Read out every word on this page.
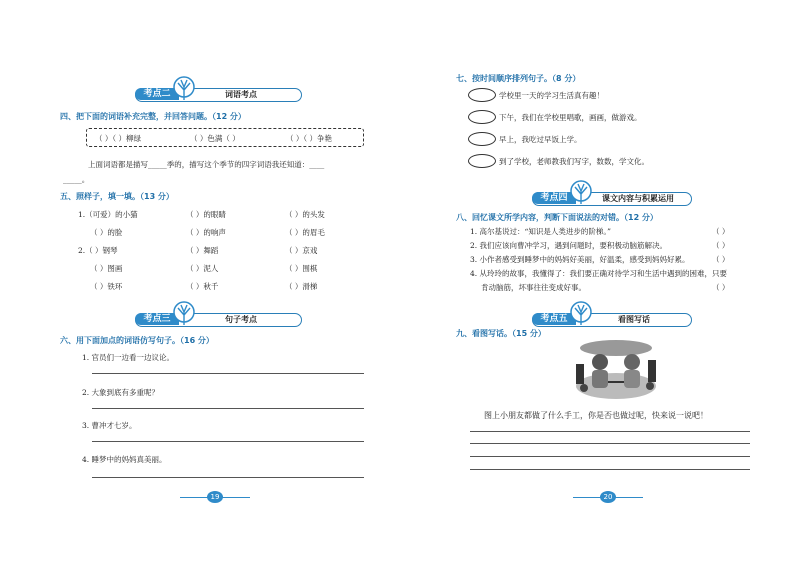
考点二	词语考点
四、把下面的词语补充完整，并回答问题。（12 分）
（ ）（ ）柳绿	（ ）色满（ ）	（ ）（ ）争艳
上面词语都是描写_____季的，描写这个季节的四字词语我还知道：____
_____。
五、照样子，填一填。（13 分）
1.（可爱）的小猫	（ ）的眼睛	（ ）的头发
（ ）的脸	（ ）的响声	（ ）的眉毛
2.（ ）钢琴	（ ）舞蹈	（ ）京戏
（ ）图画	（ ）泥人	（ ）围棋
（ ）铁环	（ ）秋千	（ ）滑梯
考点三	句子考点
六、用下面加点的词语仿写句子。（16 分）
1. 官员们一边看一边议论。
2. 大象到底有多重呢？
3. 曹冲才七岁。
4. 睡梦中的妈妈真美丽。
19
七、按时间顺序排列句子。（8 分）
学校里一天的学习生活真有趣！
下午，我们在学校里唱歌，画画，做游戏。
早上，我吃过早饭上学。
到了学校，老师教我们写字，数数，学文化。
考点四	课文内容与积累运用
八、回忆课文所学内容，判断下面说法的对错。（12 分）
1. 高尔基说过：“知识是人类进步的阶梯。”	（ ）
2. 我们应该向曹冲学习，遇到问题时，要积极动脑筋解决。	（ ）
3. 小作者感受到睡梦中的妈妈好美丽，好温柔，感受到妈妈好累。	（ ）
4. 从玲玲的故事，我懂得了：我们要正确对待学习和生活中遇到的困难，只要
肯动脑筋，坏事往往变成好事。	（ ）
考点五	看图写话
九、看图写话。（15 分）
图上小朋友都做了什么手工，你是否也做过呢，快来说一说吧！
20
